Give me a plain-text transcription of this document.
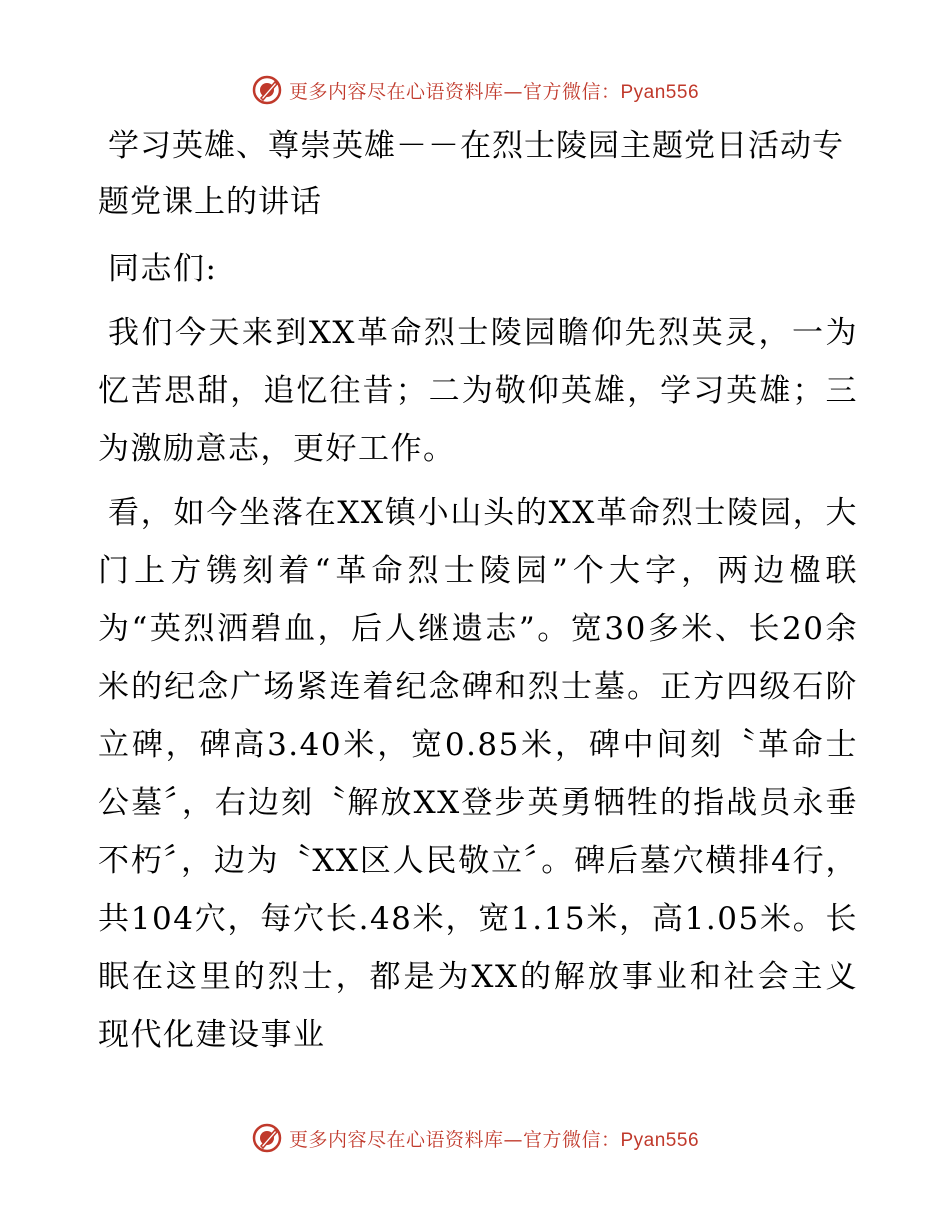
更多内容尽在心语资料库—官方微信：Pyan556
学习英雄、尊崇英雄－－在烈士陵园主题党日活动专题党课上的讲话

同志们:

我们今天来到XX革命烈士陵园瞻仰先烈英灵，一为忆苦思甜，追忆往昔；二为敬仰英雄，学习英雄；三为激励意志，更好工作。

看，如今坐落在XX镇小山头的XX革命烈士陵园，大门上方镌刻着“革命烈士陵园”个大字，两边楹联为“英烈洒碧血，后人继遗志”。宽30多米、长20余米的纪念广场紧连着纪念碑和烈士墓。正方四级石阶立碑，碑高3.40米，宽0.85米，碑中间刻〝革命士公墓〞，右边刻〝解放XX登步英勇牺牲的指战员永垂不朽〞，边为〝XX区人民敬立〞。碑后墓穴横排4行，共104穴，每穴长.48米，宽1.15米，高1.05米。长眠在这里的烈士，都是为XX的解放事业和社会主义现代化建设事业

更多内容尽在心语资料库—官方微信：Pyan556
